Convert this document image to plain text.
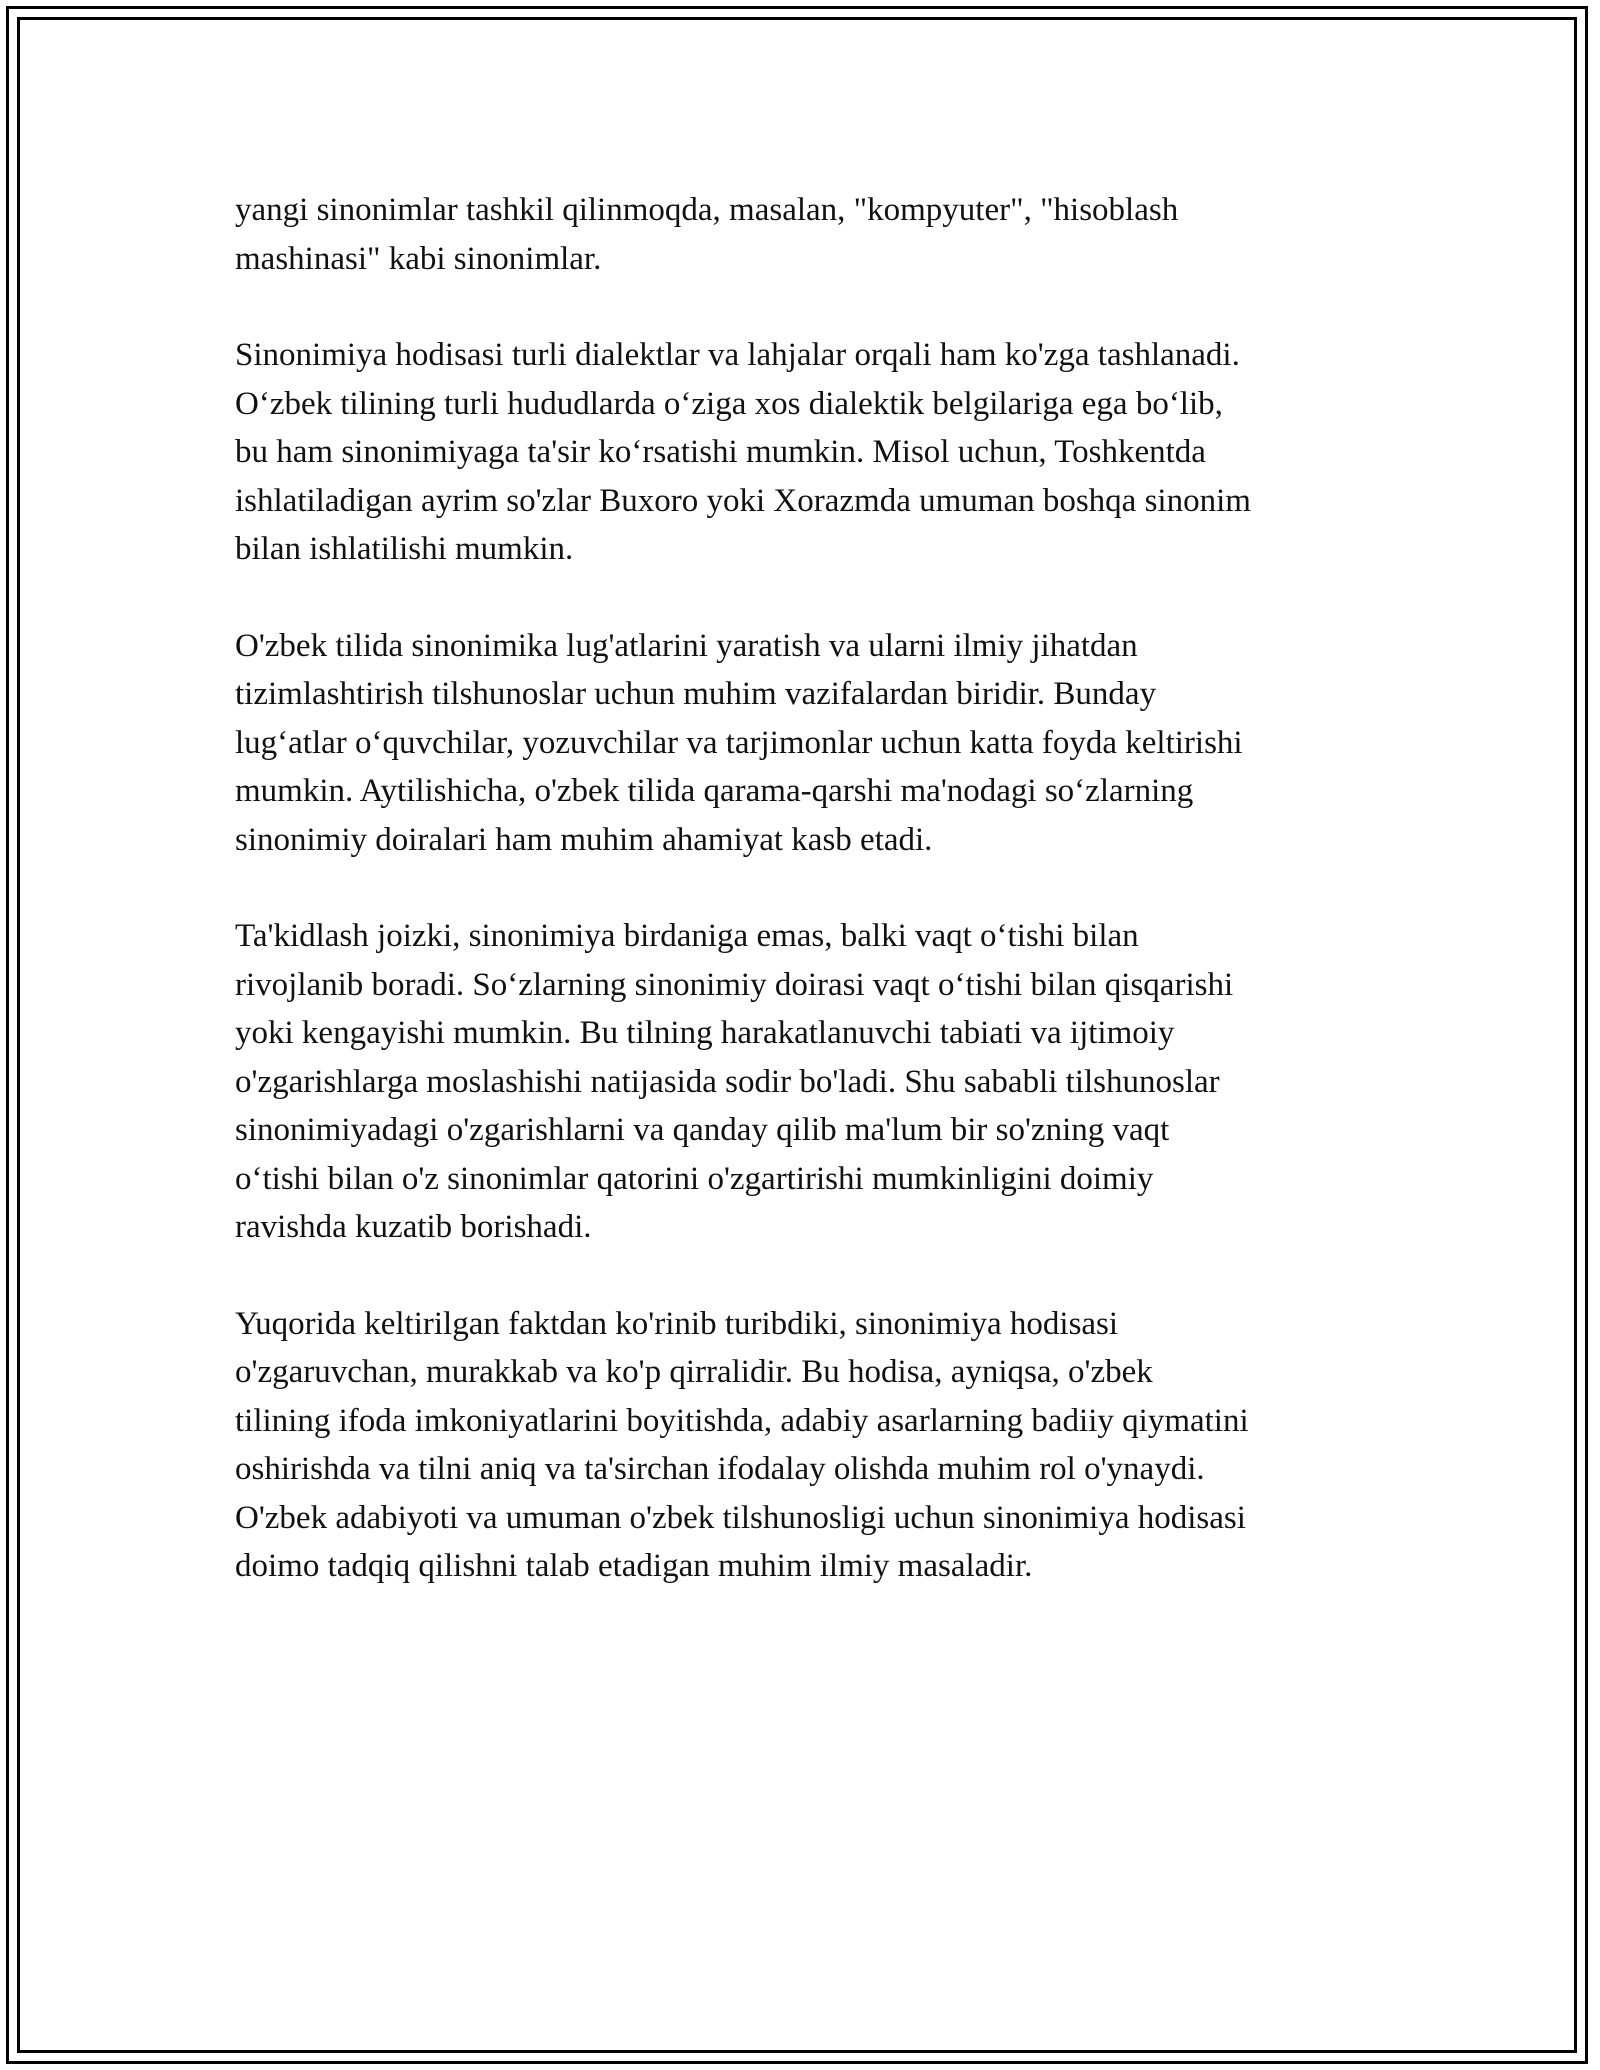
yangi sinonimlar tashkil qilinmoqda, masalan, "kompyuter", "hisoblash
mashinasi" kabi sinonimlar.

Sinonimiya hodisasi turli dialektlar va lahjalar orqali ham ko'zga tashlanadi.
O‘zbek tilining turli hududlarda o‘ziga xos dialektik belgilariga ega bo‘lib,
bu ham sinonimiyaga ta'sir ko‘rsatishi mumkin. Misol uchun, Toshkentda
ishlatiladigan ayrim so'zlar Buxoro yoki Xorazmda umuman boshqa sinonim
bilan ishlatilishi mumkin.

O'zbek tilida sinonimika lug'atlarini yaratish va ularni ilmiy jihatdan
tizimlashtirish tilshunoslar uchun muhim vazifalardan biridir. Bunday
lug‘atlar o‘quvchilar, yozuvchilar va tarjimonlar uchun katta foyda keltirishi
mumkin. Aytilishicha, o'zbek tilida qarama-qarshi ma'nodagi so‘zlarning
sinonimiy doiralari ham muhim ahamiyat kasb etadi.

Ta'kidlash joizki, sinonimiya birdaniga emas, balki vaqt o‘tishi bilan
rivojlanib boradi. So‘zlarning sinonimiy doirasi vaqt o‘tishi bilan qisqarishi
yoki kengayishi mumkin. Bu tilning harakatlanuvchi tabiati va ijtimoiy
o'zgarishlarga moslashishi natijasida sodir bo'ladi. Shu sababli tilshunoslar
sinonimiyadagi o'zgarishlarni va qanday qilib ma'lum bir so'zning vaqt
o‘tishi bilan o'z sinonimlar qatorini o'zgartirishi mumkinligini doimiy
ravishda kuzatib borishadi.

Yuqorida keltirilgan faktdan ko'rinib turibdiki, sinonimiya hodisasi
o'zgaruvchan, murakkab va ko'p qirralidir. Bu hodisa, ayniqsa, o'zbek
tilining ifoda imkoniyatlarini boyitishda, adabiy asarlarning badiiy qiymatini
oshirishda va tilni aniq va ta'sirchan ifodalay olishda muhim rol o'ynaydi.
O'zbek adabiyoti va umuman o'zbek tilshunosligi uchun sinonimiya hodisasi
doimo tadqiq qilishni talab etadigan muhim ilmiy masaladir.
